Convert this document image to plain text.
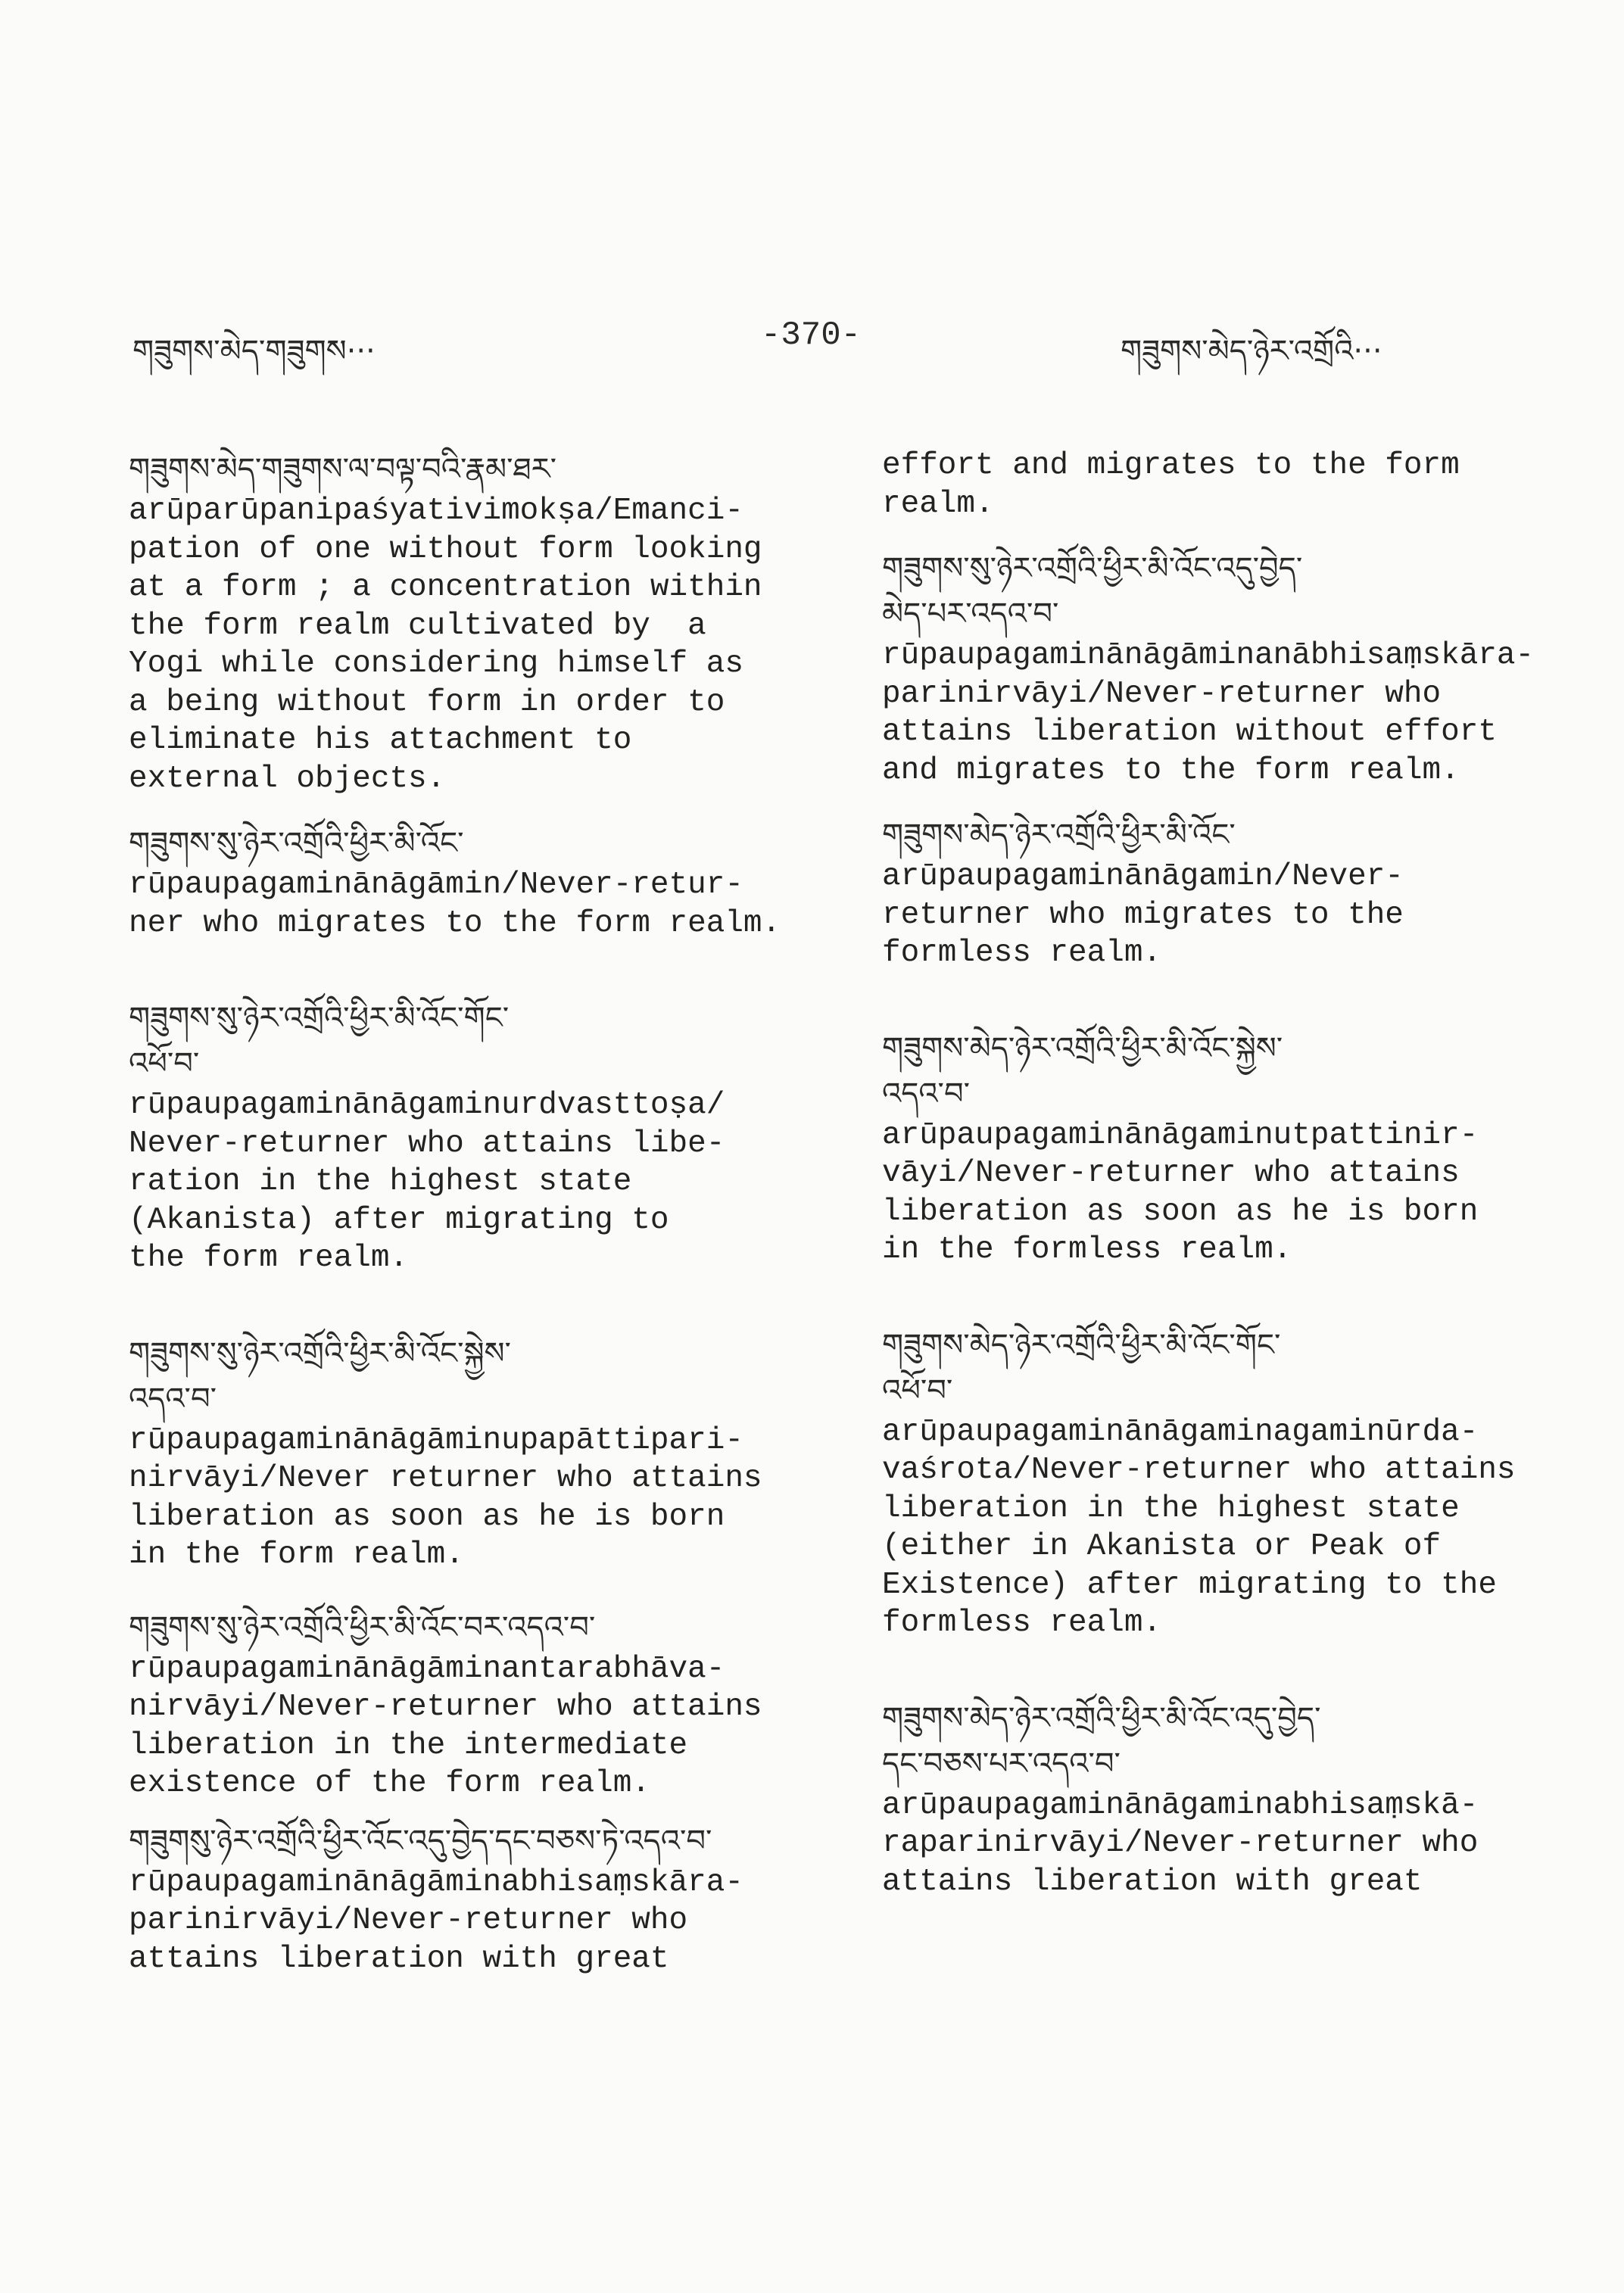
གཟུགས་མེད་གཟུགས···	-370-	གཟུགས་མེད་ཉེར་འགྲོའི···

གཟུགས་མེད་གཟུགས་ལ་བལྟ་བའི་རྣམ་ཐར་

arūparūpanipaśyativimokṣa/Emanci-
pation of one without form looking
at a form ; a concentration within
the form realm cultivated by  a
Yogi while considering himself as
a being without form in order to
eliminate his attachment to
external objects.

གཟུགས་སུ་ཉེར་འགྲོའི་ཕྱིར་མི་འོང་

rūpaupagaminānāgāmin/Never-retur-
ner who migrates to the form realm.

གཟུགས་སུ་ཉེར་འགྲོའི་ཕྱིར་མི་འོང་གོང་
འཕོ་བ་

rūpaupagaminānāgaminurdvasttoṣa/
Never-returner who attains libe-
ration in the highest state
(Akanista) after migrating to
the form realm.

གཟུགས་སུ་ཉེར་འགྲོའི་ཕྱིར་མི་འོང་སྐྱེས་
འདའ་བ་

rūpaupagaminānāgāminupapāttipari-
nirvāyi/Never returner who attains
liberation as soon as he is born
in the form realm.

གཟུགས་སུ་ཉེར་འགྲོའི་ཕྱིར་མི་འོང་བར་འདའ་བ་

rūpaupagaminānāgāminantarabhāva-
nirvāyi/Never-returner who attains
liberation in the intermediate
existence of the form realm.

གཟུགསུ་ཉེར་འགྲོའི་ཕྱིར་འོང་འདུ་བྱེད་དང་བཅས་ཏེ་འདའ་བ་

rūpaupagaminānāgāminabhisaṃskāra-
parinirvāyi/Never-returner who
attains liberation with great

effort and migrates to the form
realm.

གཟུགས་སུ་ཉེར་འགྲོའི་ཕྱིར་མི་འོང་འདུ་བྱེད་
མེད་པར་འདའ་བ་

rūpaupagaminānāgāminanābhisaṃskāra-
parinirvāyi/Never-returner who
attains liberation without effort
and migrates to the form realm.

གཟུགས་མེད་ཉེར་འགྲོའི་ཕྱིར་མི་འོང་

arūpaupagaminānāgamin/Never-
returner who migrates to the
formless realm.

གཟུགས་མེད་ཉེར་འགྲོའི་ཕྱིར་མི་འོང་སྐྱེས་
འདའ་བ་

arūpaupagaminānāgaminutpattinir-
vāyi/Never-returner who attains
liberation as soon as he is born
in the formless realm.

གཟུགས་མེད་ཉེར་འགྲོའི་ཕྱིར་མི་འོང་གོང་
འཕོ་བ་

arūpaupagaminānāgaminagaminūrda-
vaśrota/Never-returner who attains
liberation in the highest state
(either in Akanista or Peak of
Existence) after migrating to the
formless realm.

གཟུགས་མེད་ཉེར་འགྲོའི་ཕྱིར་མི་འོང་འདུ་བྱེད་
དང་བཅས་པར་འདའ་བ་

arūpaupagaminānāgaminabhisaṃskā-
raparinirvāyi/Never-returner who
attains liberation with great
